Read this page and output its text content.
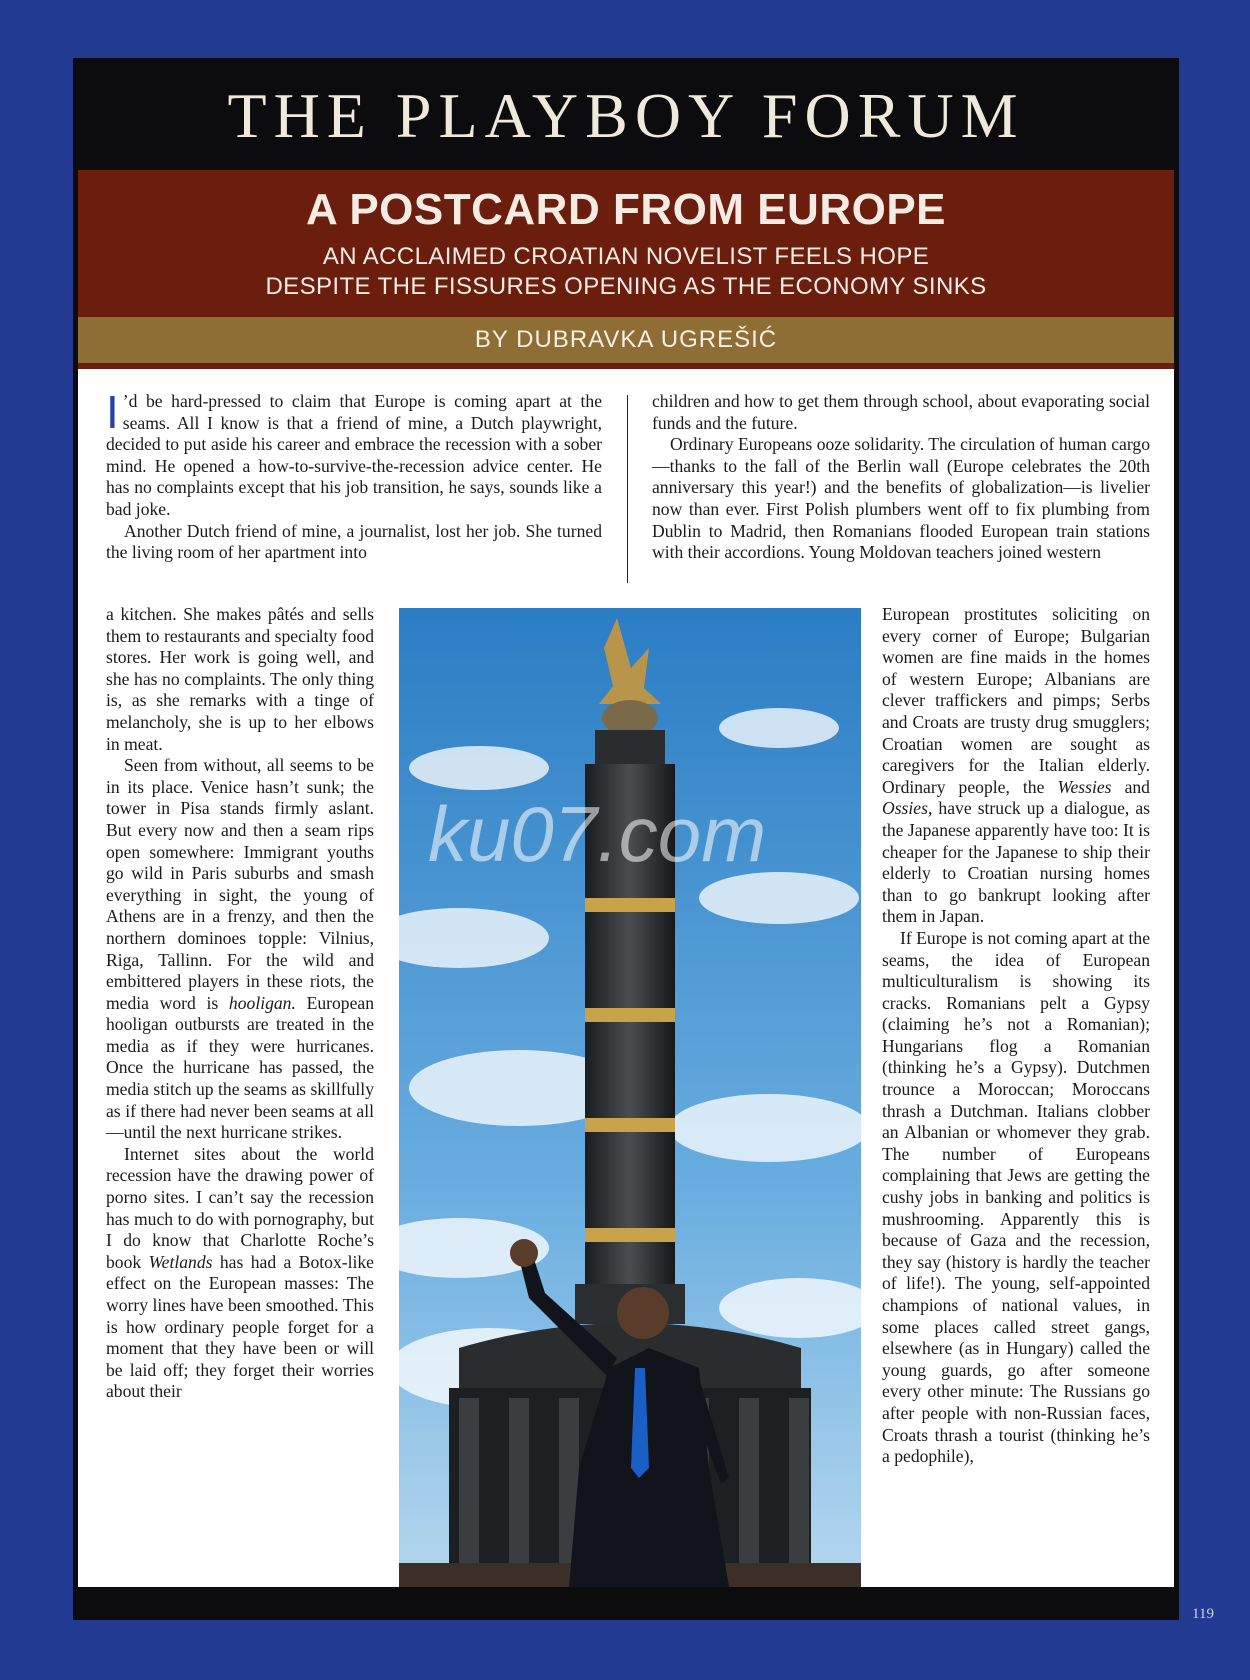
THE PLAYBOY FORUM
A POSTCARD FROM EUROPE
AN ACCLAIMED CROATIAN NOVELIST FEELS HOPE
DESPITE THE FISSURES OPENING AS THE ECONOMY SINKS
BY DUBRAVKA UGREŠIĆ

I ’d be hard-pressed to claim that Europe is coming apart at the seams. All I know is that a friend of mine, a Dutch playwright, decided to put aside his career and embrace the recession with a sober mind. He opened a how-to-survive-the-recession advice center. He has no complaints except that his job transition, he says, sounds like a bad joke.

Another Dutch friend of mine, a journalist, lost her job. She turned the living room of her apartment into

children and how to get them through school, about evaporating social funds and the future.

Ordinary Europeans ooze solidarity. The circulation of human cargo—thanks to the fall of the Berlin wall (Europe celebrates the 20th anniversary this year!) and the benefits of globalization—is livelier now than ever. First Polish plumbers went off to fix plumbing from Dublin to Madrid, then Romanians flooded European train stations with their accordions. Young Moldovan teachers joined western

a kitchen. She makes pâtés and sells them to restaurants and specialty food stores. Her work is going well, and she has no complaints. The only thing is, as she remarks with a tinge of melancholy, she is up to her elbows in meat.

Seen from without, all seems to be in its place. Venice hasn’t sunk; the tower in Pisa stands firmly aslant. But every now and then a seam rips open somewhere: Immigrant youths go wild in Paris suburbs and smash everything in sight, the young of Athens are in a frenzy, and then the northern dominoes topple: Vilnius, Riga, Tallinn. For the wild and embittered players in these riots, the media word is hooligan. European hooligan outbursts are treated in the media as if they were hurricanes. Once the hurricane has passed, the media stitch up the seams as skillfully as if there had never been seams at all—until the next hurricane strikes.

Internet sites about the world recession have the drawing power of porno sites. I can’t say the recession has much to do with pornography, but I do know that Charlotte Roche’s book Wetlands has had a Botox-like effect on the European masses: The worry lines have been smoothed. This is how ordinary people forget for a moment that they have been or will be laid off; they forget their worries about their

European prostitutes soliciting on every corner of Europe; Bulgarian women are fine maids in the homes of western Europe; Albanians are clever traffickers and pimps; Serbs and Croats are trusty drug smugglers; Croatian women are sought as caregivers for the Italian elderly. Ordinary people, the Wessies and Ossies, have struck up a dialogue, as the Japanese apparently have too: It is cheaper for the Japanese to ship their elderly to Croatian nursing homes than to go bankrupt looking after them in Japan.

If Europe is not coming apart at the seams, the idea of European multiculturalism is showing its cracks. Romanians pelt a Gypsy (claiming he’s not a Romanian); Hungarians flog a Romanian (thinking he’s a Gypsy). Dutchmen trounce a Moroccan; Moroccans thrash a Dutchman. Italians clobber an Albanian or whomever they grab. The number of Europeans complaining that Jews are getting the cushy jobs in banking and politics is mushrooming. Apparently this is because of Gaza and the recession, they say (history is hardly the teacher of life!). The young, self-appointed champions of national values, in some places called street gangs, elsewhere (as in Hungary) called the young guards, go after someone every other minute: The Russians go after people with non-Russian faces, Croats thrash a tourist (thinking he’s a pedophile),

ku07.com
119
